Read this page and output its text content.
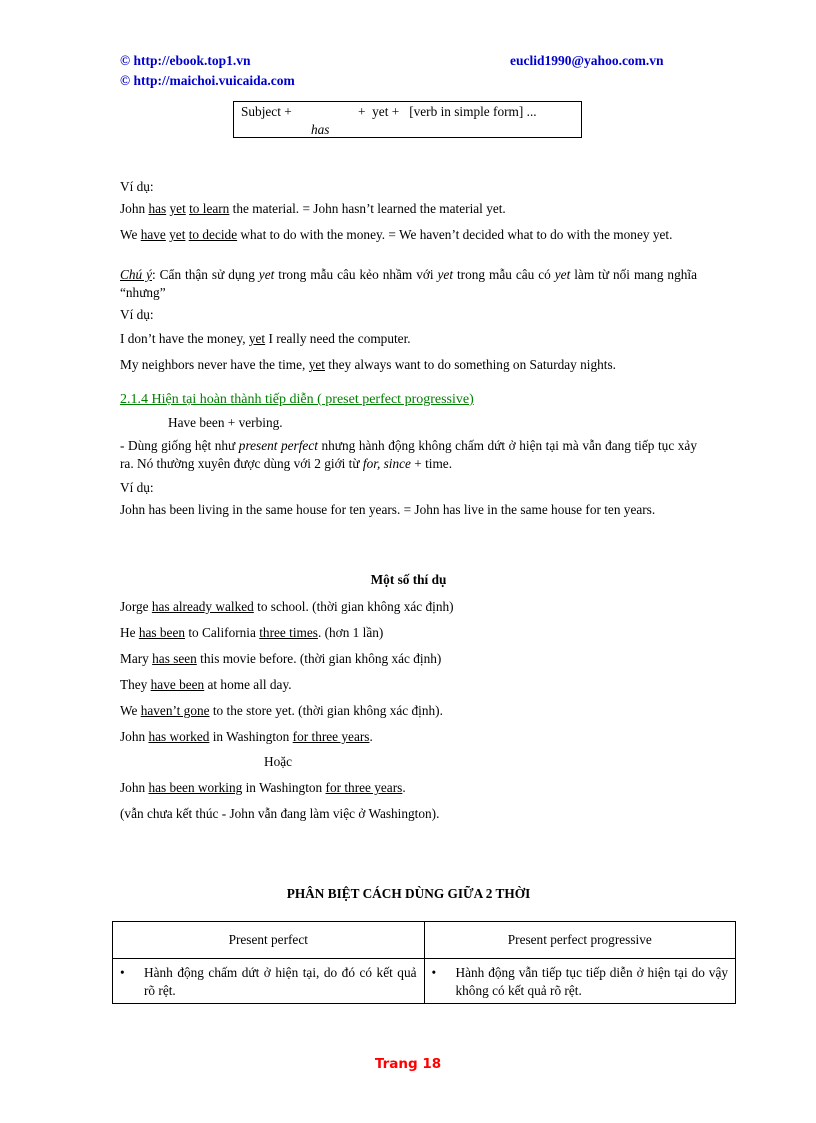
© http://ebook.top1.vn
© http://maichoi.vuicaida.com
euclid1990@yahoo.com.vn
Subject +	+  yet +   [verb in simple form] ...
has
Ví dụ:
John has yet to learn the material. = John hasn’t learned the material yet.
We have yet to decide what to do with the money. = We haven’t decided what to do with the money yet.
Chú ý: Cẩn thận sử dụng yet trong mẫu câu kẻo nhầm với yet trong mẫu câu có yet làm từ nối mang nghĩa “nhưng”
Ví dụ:
I don’t have the money, yet I really need the computer.
My neighbors never have the time, yet they always want to do something on Saturday nights.
2.1.4 Hiện tại hoàn thành tiếp diễn ( preset perfect progressive)
Have been + verbing.
- Dùng giống hệt như present perfect nhưng hành động không chấm dứt ở hiện tại mà vẫn đang tiếp tục xảy ra. Nó thường xuyên được dùng với 2 giới từ for, since + time.
Ví dụ:
John has been living in the same house for ten years. = John has live in the same house for ten years.
Một số thí dụ
Jorge has already walked to school. (thời gian không xác định)
He has been to California three times. (hơn 1 lần)
Mary has seen this movie before. (thời gian không xác định)
They have been at home all day.
We haven’t gone to the store yet. (thời gian không xác định).
John has worked in Washington for three years.
Hoặc
John has been working in Washington for three years.
(vẫn chưa kết thúc - John vẫn đang làm việc ở Washington).
PHÂN BIỆT CÁCH DÙNG GIỮA 2 THỜI
Present perfect	Present perfect progressive

• Hành động chấm dứt ở hiện tại, do đó có kết quả rõ rệt.	• Hành động vẫn tiếp tục tiếp diễn ở hiện tại do vậy không có kết quả rõ rệt.
Trang 18
